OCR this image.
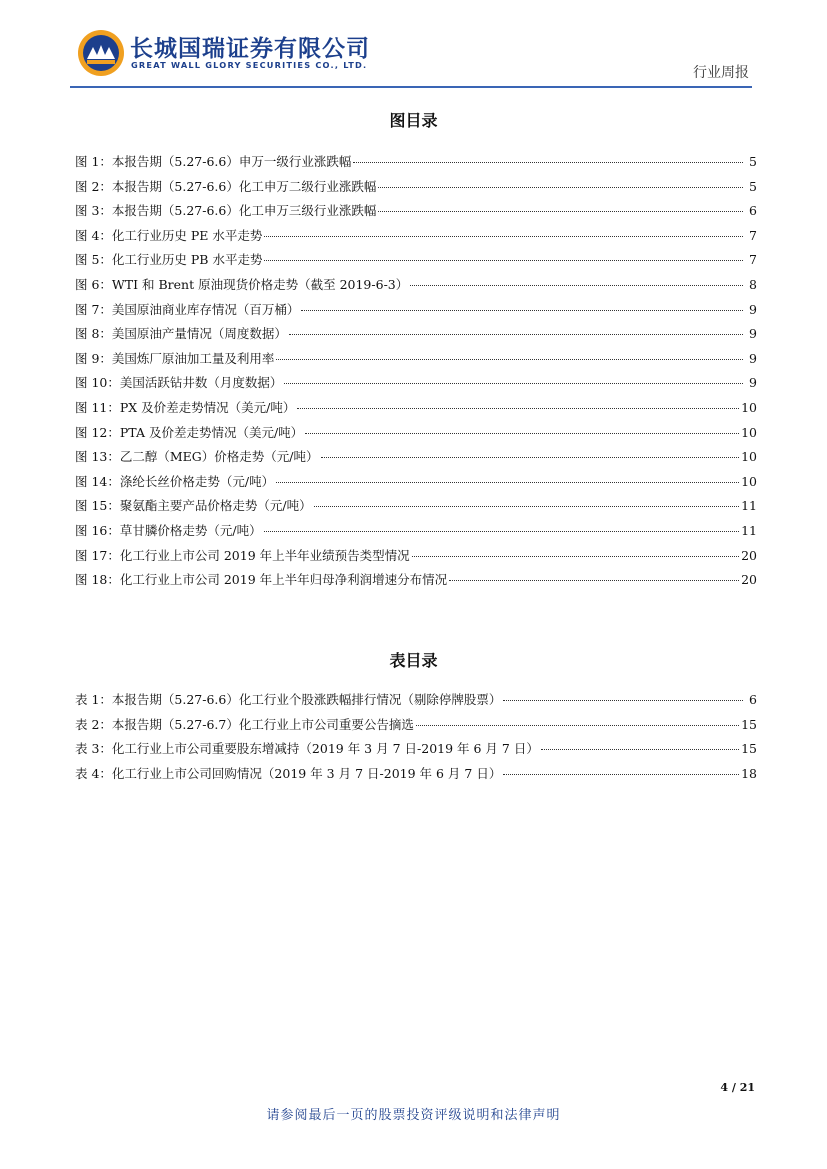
长城国瑞证券有限公司
GREAT WALL GLORY SECURITIES CO., LTD.	行业周报
图目录
图 1：本报告期（5.27-6.6）申万一级行业涨跌幅	5
图 2：本报告期（5.27-6.6）化工申万二级行业涨跌幅	5
图 3：本报告期（5.27-6.6）化工申万三级行业涨跌幅	6
图 4：化工行业历史 PE 水平走势	7
图 5：化工行业历史 PB 水平走势	7
图 6：WTI 和 Brent 原油现货价格走势（截至 2019-6-3）	8
图 7：美国原油商业库存情况（百万桶）	9
图 8：美国原油产量情况（周度数据）	9
图 9：美国炼厂原油加工量及利用率	9
图 10：美国活跃钻井数（月度数据）	9
图 11：PX 及价差走势情况（美元/吨）	10
图 12：PTA 及价差走势情况（美元/吨）	10
图 13：乙二醇（MEG）价格走势（元/吨）	10
图 14：涤纶长丝价格走势（元/吨）	10
图 15：聚氨酯主要产品价格走势（元/吨）	11
图 16：草甘膦价格走势（元/吨）	11
图 17：化工行业上市公司 2019 年上半年业绩预告类型情况	20
图 18：化工行业上市公司 2019 年上半年归母净利润增速分布情况	20
表目录
表 1：本报告期（5.27-6.6）化工行业个股涨跌幅排行情况（剔除停牌股票）	6
表 2：本报告期（5.27-6.7）化工行业上市公司重要公告摘选	15
表 3：化工行业上市公司重要股东增减持（2019 年 3 月 7 日-2019 年 6 月 7 日）	15
表 4：化工行业上市公司回购情况（2019 年 3 月 7 日-2019 年 6 月 7 日）	18
4 / 21
请参阅最后一页的股票投资评级说明和法律声明
